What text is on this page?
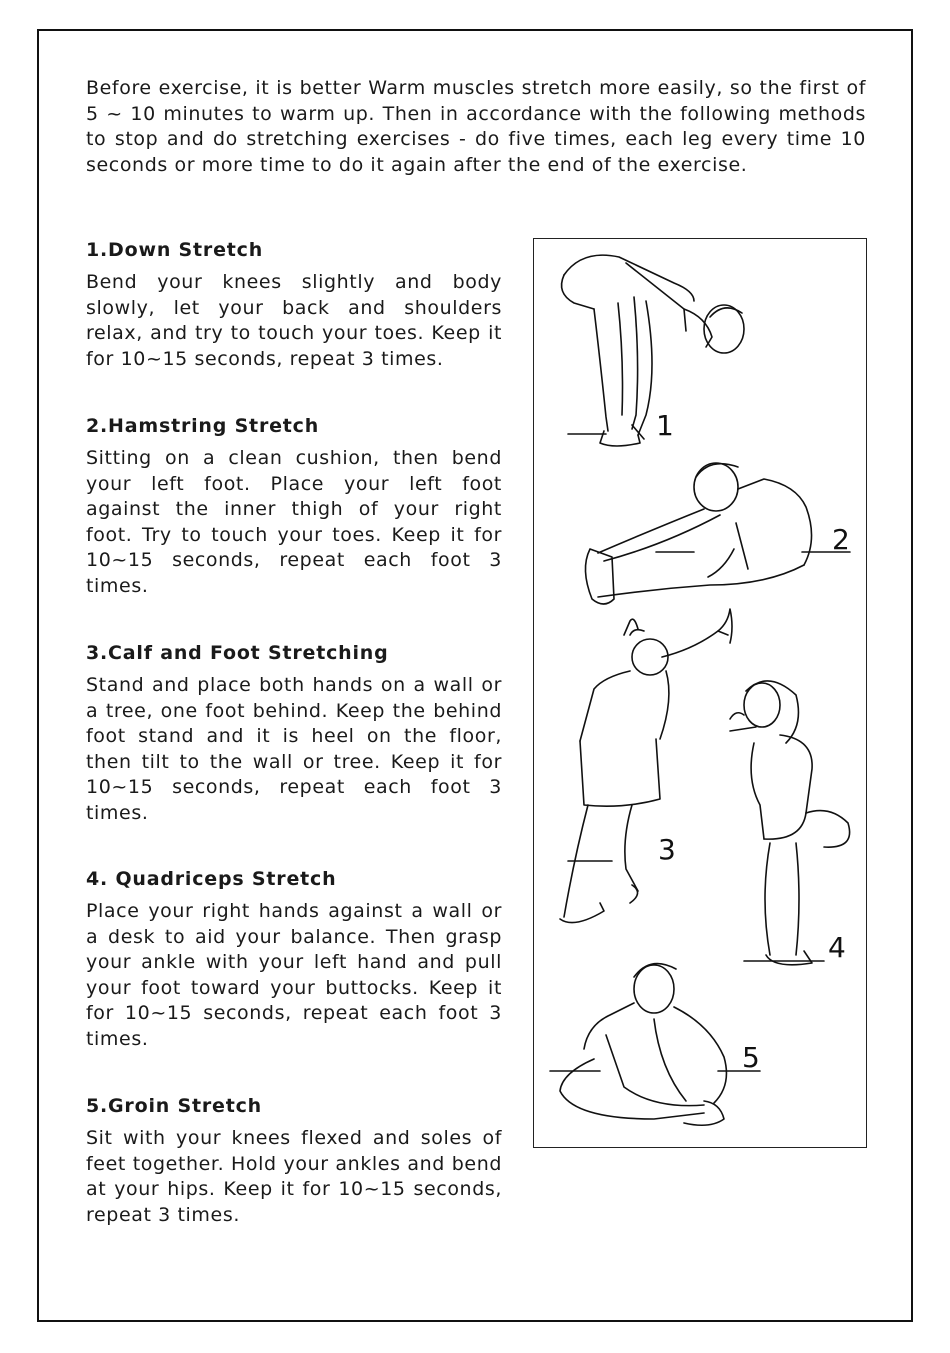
Before exercise, it is better Warm muscles stretch more easily, so the first of 5 ~ 10 minutes to warm up. Then in accordance with the following methods to stop and do stretching exercises - do five times, each leg every time 10 seconds or more time to do it again after the end of the exercise.

1.Down Stretch

Bend your knees slightly and body slowly, let your back and shoulders relax, and try to touch your toes. Keep it for 10~15 seconds, repeat 3 times.

2.Hamstring Stretch

Sitting on a clean cushion, then bend your left foot. Place your left foot against the inner thigh of your right foot. Try to touch your toes. Keep it for 10~15 seconds, repeat each foot 3 times.

3.Calf and Foot Stretching

Stand and place both hands on a wall or a tree, one foot behind. Keep the behind foot stand and it is heel on the floor, then tilt to the wall or tree. Keep it for 10~15 seconds, repeat each foot 3 times.

4. Quadriceps Stretch

Place your right hands against a wall or a desk to aid your balance. Then grasp your ankle with your left hand and pull your foot toward your buttocks. Keep it for 10~15 seconds, repeat each foot 3 times.

5.Groin Stretch

Sit with your knees flexed and soles of feet together. Hold your ankles and bend at your hips. Keep it for 10~15 seconds, repeat 3 times.

1
2
3
4
5
